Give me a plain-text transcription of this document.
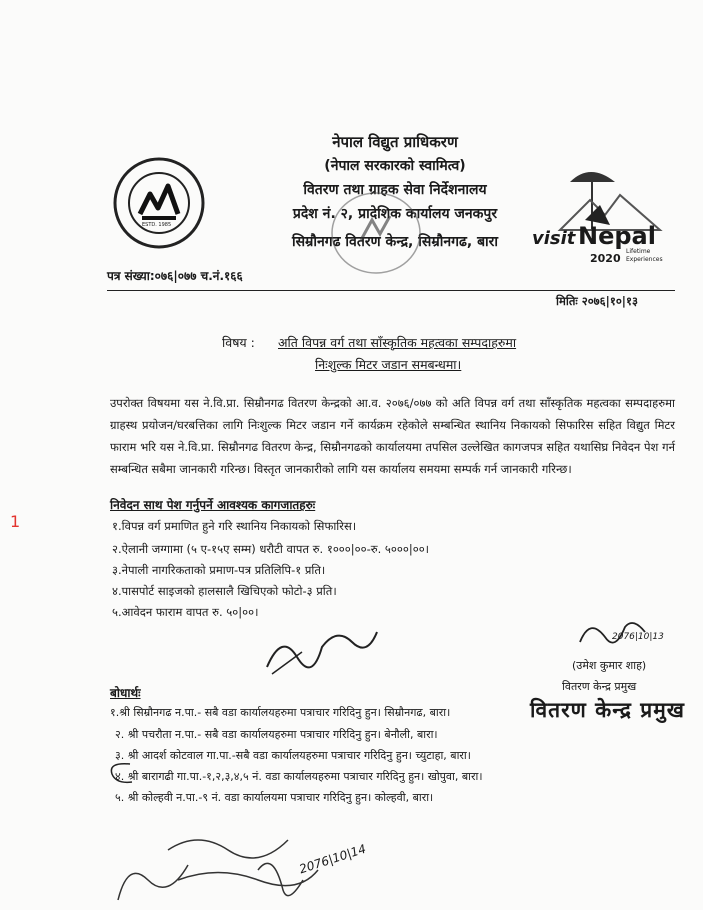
ESTD. 1985
नेपाल विद्युत प्राधिकरण
(नेपाल सरकारको स्वामित्व)
वितरण तथा ग्राहक सेवा निर्देशनालय
प्रदेश नं. २, प्रादेशिक कार्यालय जनकपुर
सिम्रौनगढ वितरण केन्द्र, सिम्रौनगढ, बारा	visit Nepal
2020
Lifetime
Experiences
पत्र संख्या:०७६|०७७ च.नं.१६६
मितिः २०७६|१०|१३
विषय : अति विपन्न वर्ग तथा साँस्कृतिक महत्वका सम्पदाहरुमा
निःशुल्क मिटर जडान समबन्धमा।

उपरोक्त विषयमा यस ने.वि.प्रा. सिम्रौनगढ वितरण केन्द्रको आ.व. २०७६/०७७ को अति विपन्न वर्ग तथा साँस्कृतिक महत्वका सम्पदाहरुमा ग्राहस्थ प्रयोजन/घरबत्तिका लागि निःशुल्क मिटर जडान गर्ने कार्यक्रम रहेकोले सम्बन्धित स्थानिय निकायको सिफारिस सहित विद्युत मिटर फाराम भरि यस ने.वि.प्रा. सिम्रौनगढ वितरण केन्द्र, सिम्रौनगढको कार्यालयमा तपसिल उल्लेखित कागजपत्र सहित यथासिघ्र निवेदन पेश गर्न सम्बन्धित सबैमा जानकारी गरिन्छ। विस्तृत जानकारीको लागि यस कार्यालय समयमा सम्पर्क गर्न जानकारी गरिन्छ।

1
निवेदन साथ पेश गर्नुपर्ने आवश्यक कागजातहरुः
१.विपन्न वर्ग प्रमाणित हुने गरि स्थानिय निकायको सिफारिस।
२.ऐलानी जग्गामा (५ ए-१५ए सम्म) धरौटी वापत रु. १०००|००-रु. ५०००|००।
३.नेपाली नागरिकताको प्रमाण-पत्र प्रतिलिपि-१ प्रति।
४.पासपोर्ट साइजको हालसालै खिचिएको फोटो-३ प्रति।
५.आवेदन फाराम वापत रु. ५०|००।
2076|10|13
(उमेश कुमार शाह)
वितरण केन्द्र प्रमुख
वितरण केन्द्र प्रमुख
बोधार्थः
१.श्री सिम्रौनगढ न.पा.- सबै वडा कार्यालयहरुमा पत्राचार गरिदिनु हुन। सिम्रौनगढ, बारा।
२. श्री पचरौता न.पा.- सबै वडा कार्यालयहरुमा पत्राचार गरिदिनु हुन। बेनौली, बारा।
३. श्री आदर्श कोटवाल गा.पा.-सबै वडा कार्यालयहरुमा पत्राचार गरिदिनु हुन। च्युटाहा, बारा।
४. श्री बारागढी गा.पा.-१,२,३,४,५ नं. वडा कार्यालयहरुमा पत्राचार गरिदिनु हुन। खोपुवा, बारा।
५. श्री कोल्हवी न.पा.-९ नं. वडा कार्यालयमा पत्राचार गरिदिनु हुन। कोल्हवी, बारा।
2076|10|14
